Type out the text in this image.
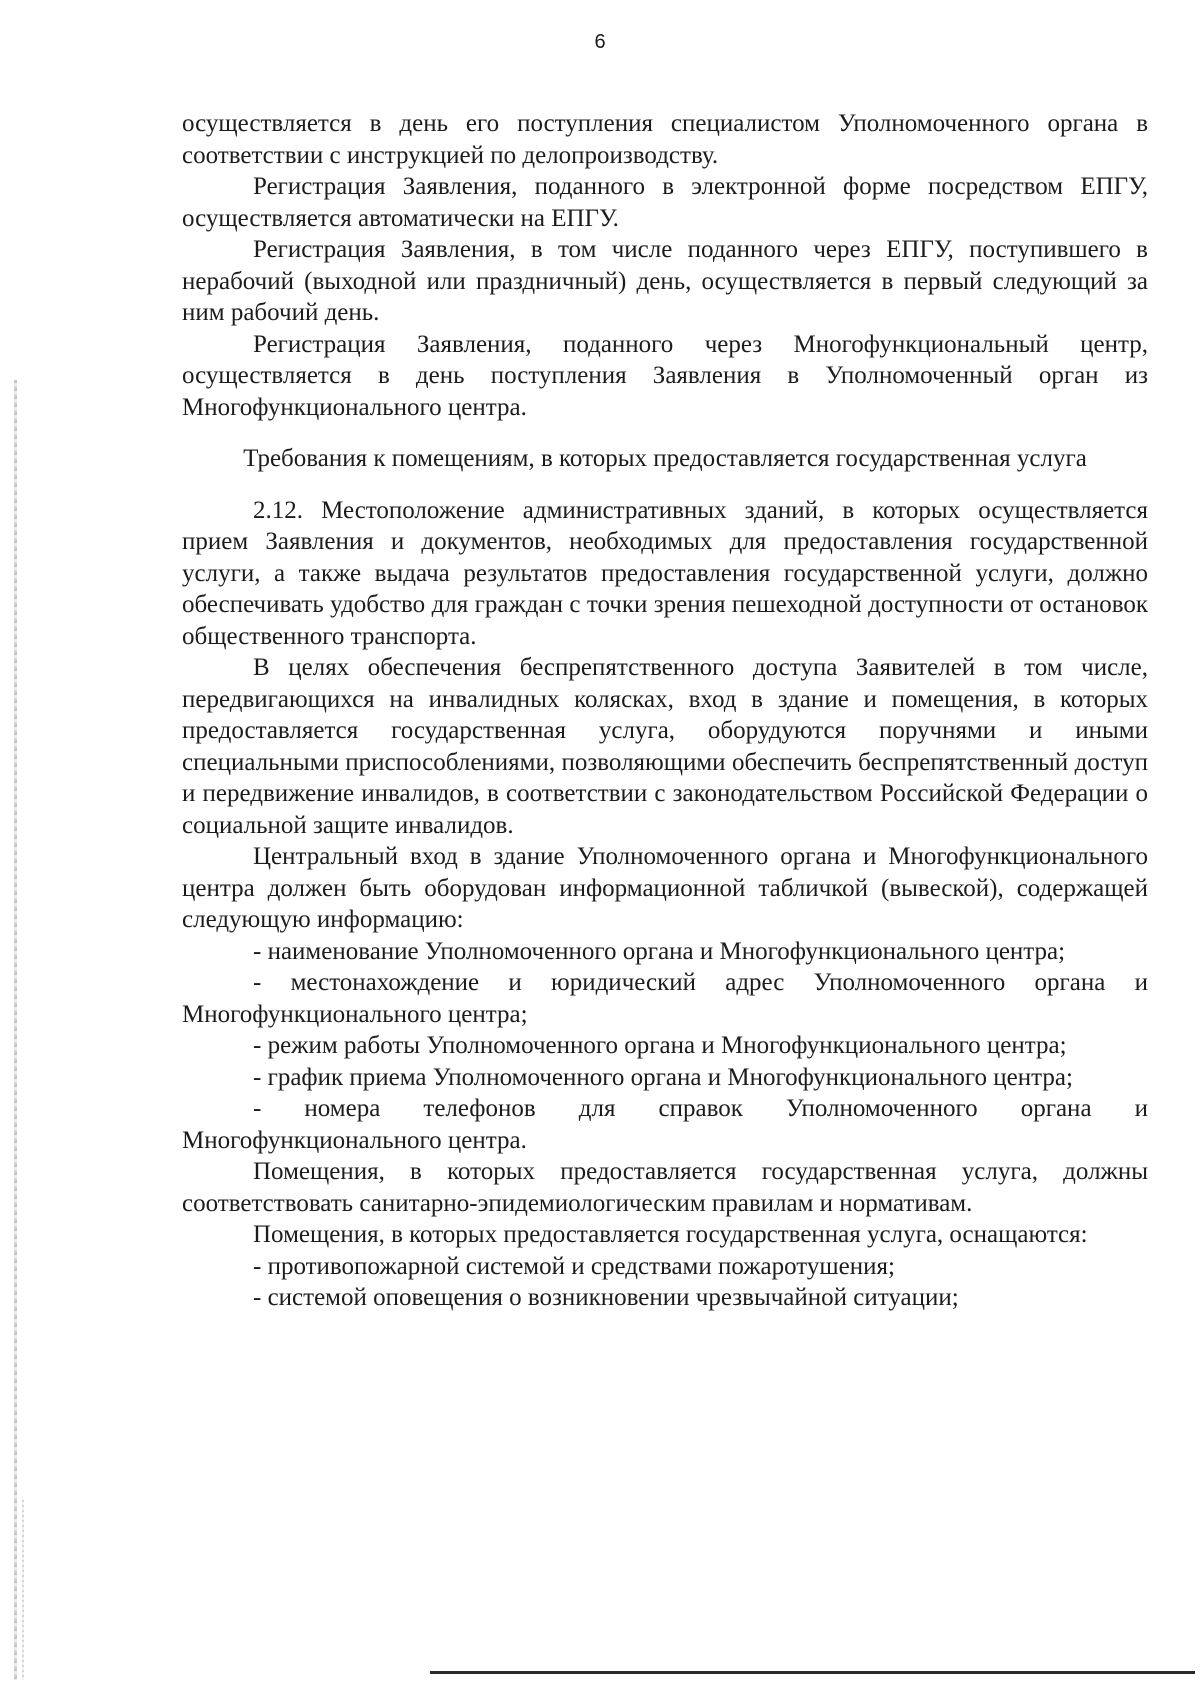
6

осуществляется в день его поступления специалистом Уполномоченного органа в соответствии с инструкцией по делопроизводству.

Регистрация Заявления, поданного в электронной форме посредством ЕПГУ, осуществляется автоматически на ЕПГУ.

Регистрация Заявления, в том числе поданного через ЕПГУ, поступившего в нерабочий (выходной или праздничный) день, осуществляется в первый следующий за ним рабочий день.

Регистрация Заявления, поданного через Многофункциональный центр, осуществляется в день поступления Заявления в Уполномоченный орган из Многофункционального центра.

Требования к помещениям, в которых предоставляется государственная услуга

2.12. Местоположение административных зданий, в которых осуществляется прием Заявления и документов, необходимых для предоставления государственной услуги, а также выдача результатов предоставления государственной услуги, должно обеспечивать удобство для граждан с точки зрения пешеходной доступности от остановок общественного транспорта.

В целях обеспечения беспрепятственного доступа Заявителей в том числе, передвигающихся на инвалидных колясках, вход в здание и помещения, в которых предоставляется государственная услуга, оборудуются поручнями и иными специальными приспособлениями, позволяющими обеспечить беспрепятственный доступ и передвижение инвалидов, в соответствии с законодательством Российской Федерации о социальной защите инвалидов.

Центральный вход в здание Уполномоченного органа и Многофункционального центра должен быть оборудован информационной табличкой (вывеской), содержащей следующую информацию:

- наименование Уполномоченного органа и Многофункционального центра;

- местонахождение и юридический адрес Уполномоченного органа и Многофункционального центра;

- режим работы Уполномоченного органа и Многофункционального центра;

- график приема Уполномоченного органа и Многофункционального центра;

- номера телефонов для справок Уполномоченного органа и Многофункционального центра.

Помещения, в которых предоставляется государственная услуга, должны соответствовать санитарно-эпидемиологическим правилам и нормативам.

Помещения, в которых предоставляется государственная услуга, оснащаются:

- противопожарной системой и средствами пожаротушения;

- системой оповещения о возникновении чрезвычайной ситуации;
